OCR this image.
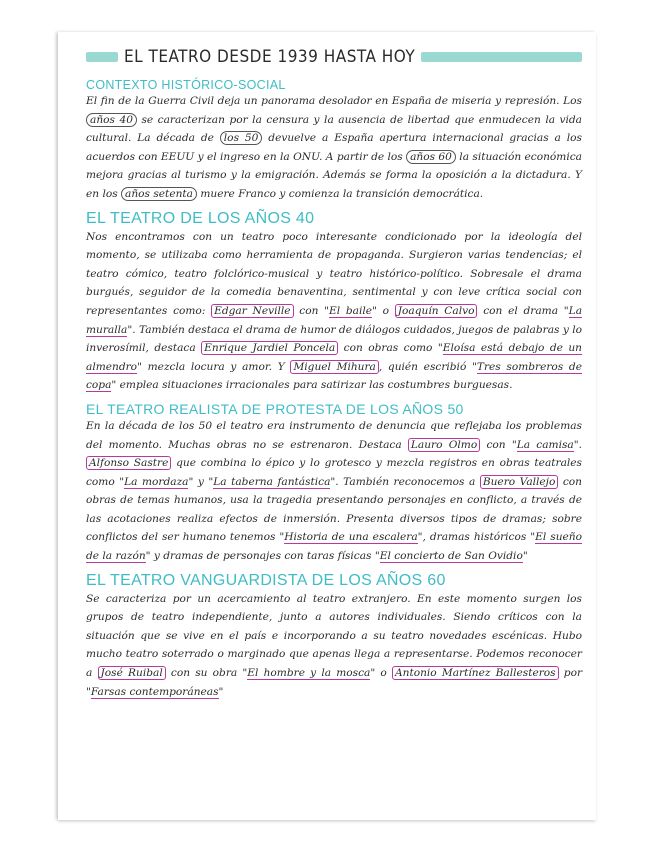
EL TEATRO DESDE 1939 HASTA HOY
CONTEXTO HISTÓRICO-SOCIAL

El fin de la Guerra Civil deja un panorama desolador en España de miseria y represión. Los años 40 se caracterizan por la censura y la ausencia de libertad que enmudecen la vida cultural. La década de los 50 devuelve a España apertura internacional gracias a los acuerdos con EEUU y el ingreso en la ONU. A partir de los años 60 la situación económica mejora gracias al turismo y la emigración. Además se forma la oposición a la dictadura. Y en los años setenta muere Franco y comienza la transición democrática.

EL TEATRO DE LOS AÑOS 40

Nos encontramos con un teatro poco interesante condicionado por la ideología del momento, se utilizaba como herramienta de propaganda. Surgieron varias tendencias; el teatro cómico, teatro folclórico-musical y teatro histórico-político. Sobresale el drama burgués, seguidor de la comedia benaventina, sentimental y con leve crítica social con representantes como: Edgar Neville con "El baile" o Joaquín Calvo con el drama "La muralla". También destaca el drama de humor de diálogos cuidados, juegos de palabras y lo inverosímil, destaca Enrique Jardiel Poncela con obras como "Eloísa está debajo de un almendro" mezcla locura y amor. Y Miguel Mihura , quién escribió "Tres sombreros de copa" emplea situaciones irracionales para satirizar las costumbres burguesas.

EL TEATRO REALISTA DE PROTESTA DE LOS AÑOS 50

En la década de los 50 el teatro era instrumento de denuncia que reflejaba los problemas del momento. Muchas obras no se estrenaron. Destaca Lauro Olmo con "La camisa". Alfonso Sastre que combina lo épico y lo grotesco y mezcla registros en obras teatrales como "La mordaza" y "La taberna fantástica". También reconocemos a Buero Vallejo con obras de temas humanos, usa la tragedia presentando personajes en conflicto, a través de las acotaciones realiza efectos de inmersión. Presenta diversos tipos de dramas; sobre conflictos del ser humano tenemos "Historia de una escalera", dramas históricos "El sueño de la razón" y dramas de personajes con taras físicas "El concierto de San Ovidio"

EL TEATRO VANGUARDISTA DE LOS AÑOS 60

Se caracteriza por un acercamiento al teatro extranjero. En este momento surgen los grupos de teatro independiente, junto a autores individuales. Siendo críticos con la situación que se vive en el país e incorporando a su teatro novedades escénicas. Hubo mucho teatro soterrado o marginado que apenas llega a representarse. Podemos reconocer a José Ruibal con su obra "El hombre y la mosca" o Antonio Martínez Ballesteros por "Farsas contemporáneas"
